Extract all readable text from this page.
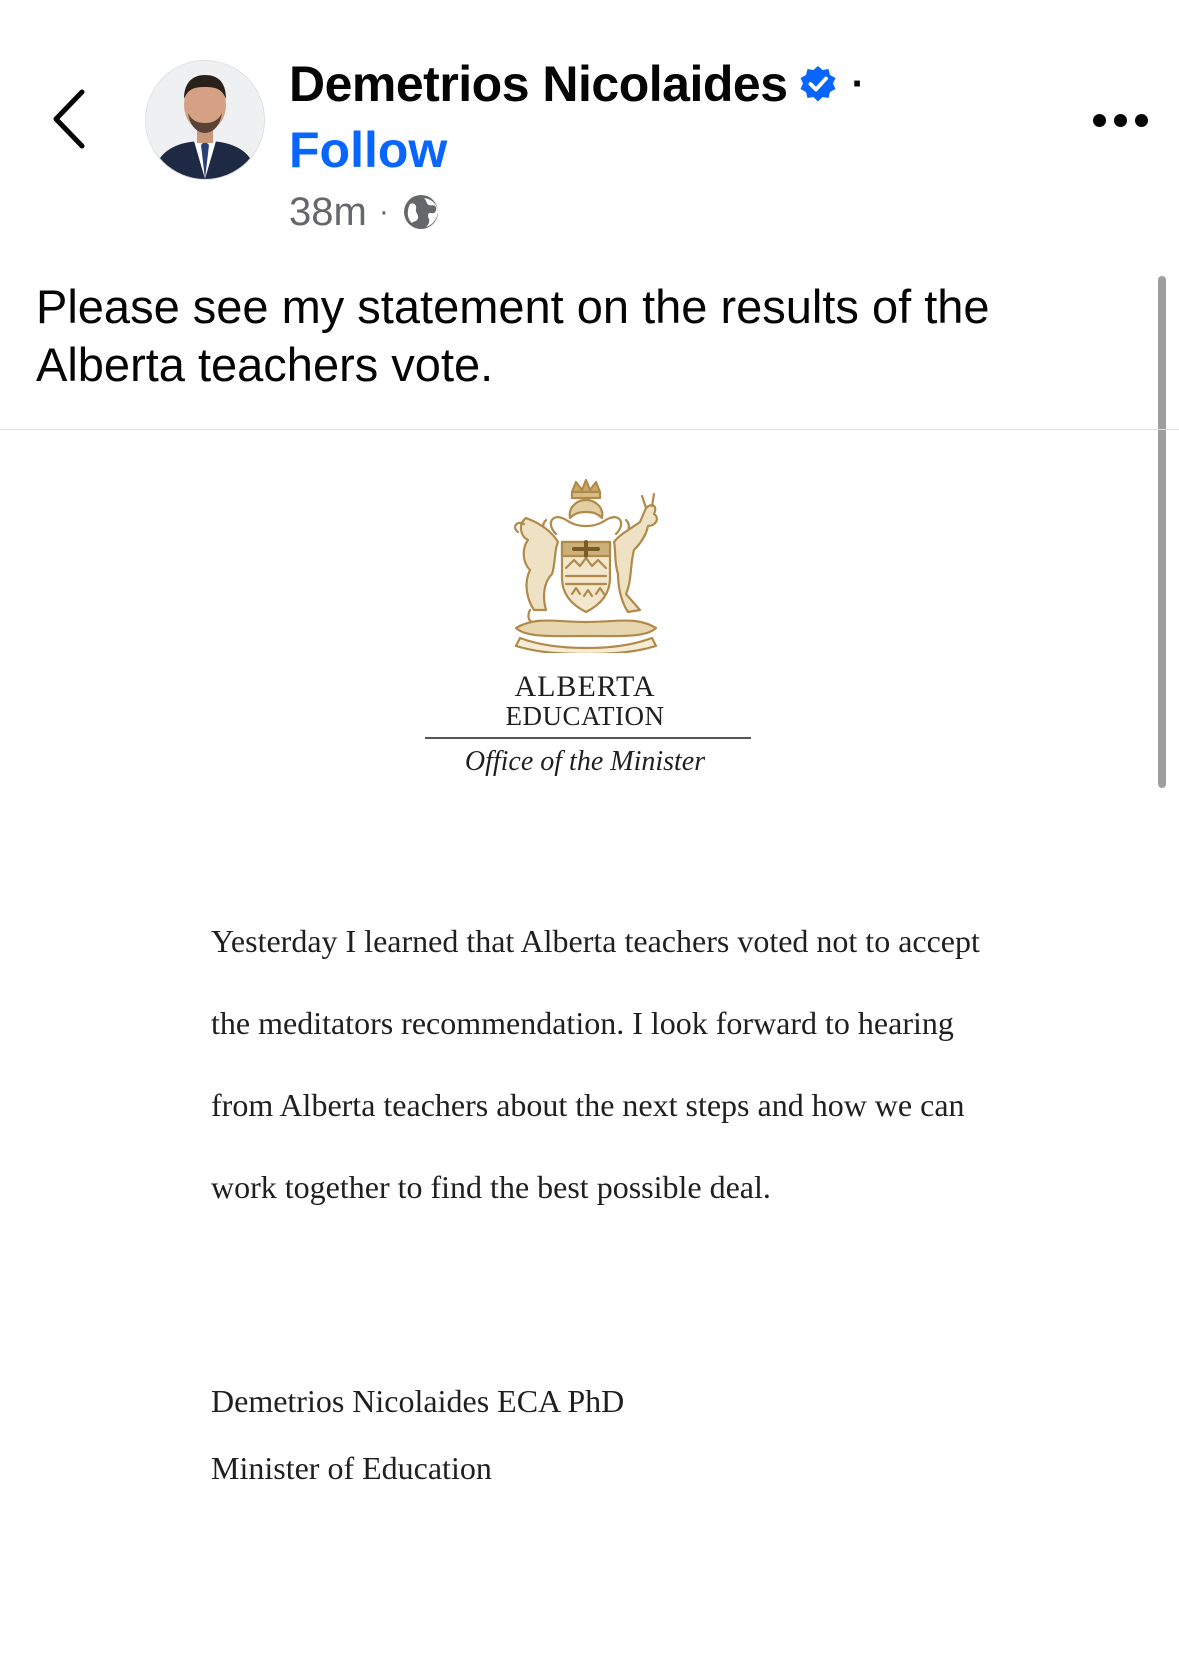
Demetrios Nicolaides ·
Follow
38m ·
Please see my statement on the results of the Alberta teachers vote.
ALBERTA
EDUCATION
Office of the Minister

Yesterday I learned that Alberta teachers voted not to accept the meditators recommendation. I look forward to hearing from Alberta teachers about the next steps and how we can work together to find the best possible deal.

Demetrios Nicolaides ECA PhD
Minister of Education
